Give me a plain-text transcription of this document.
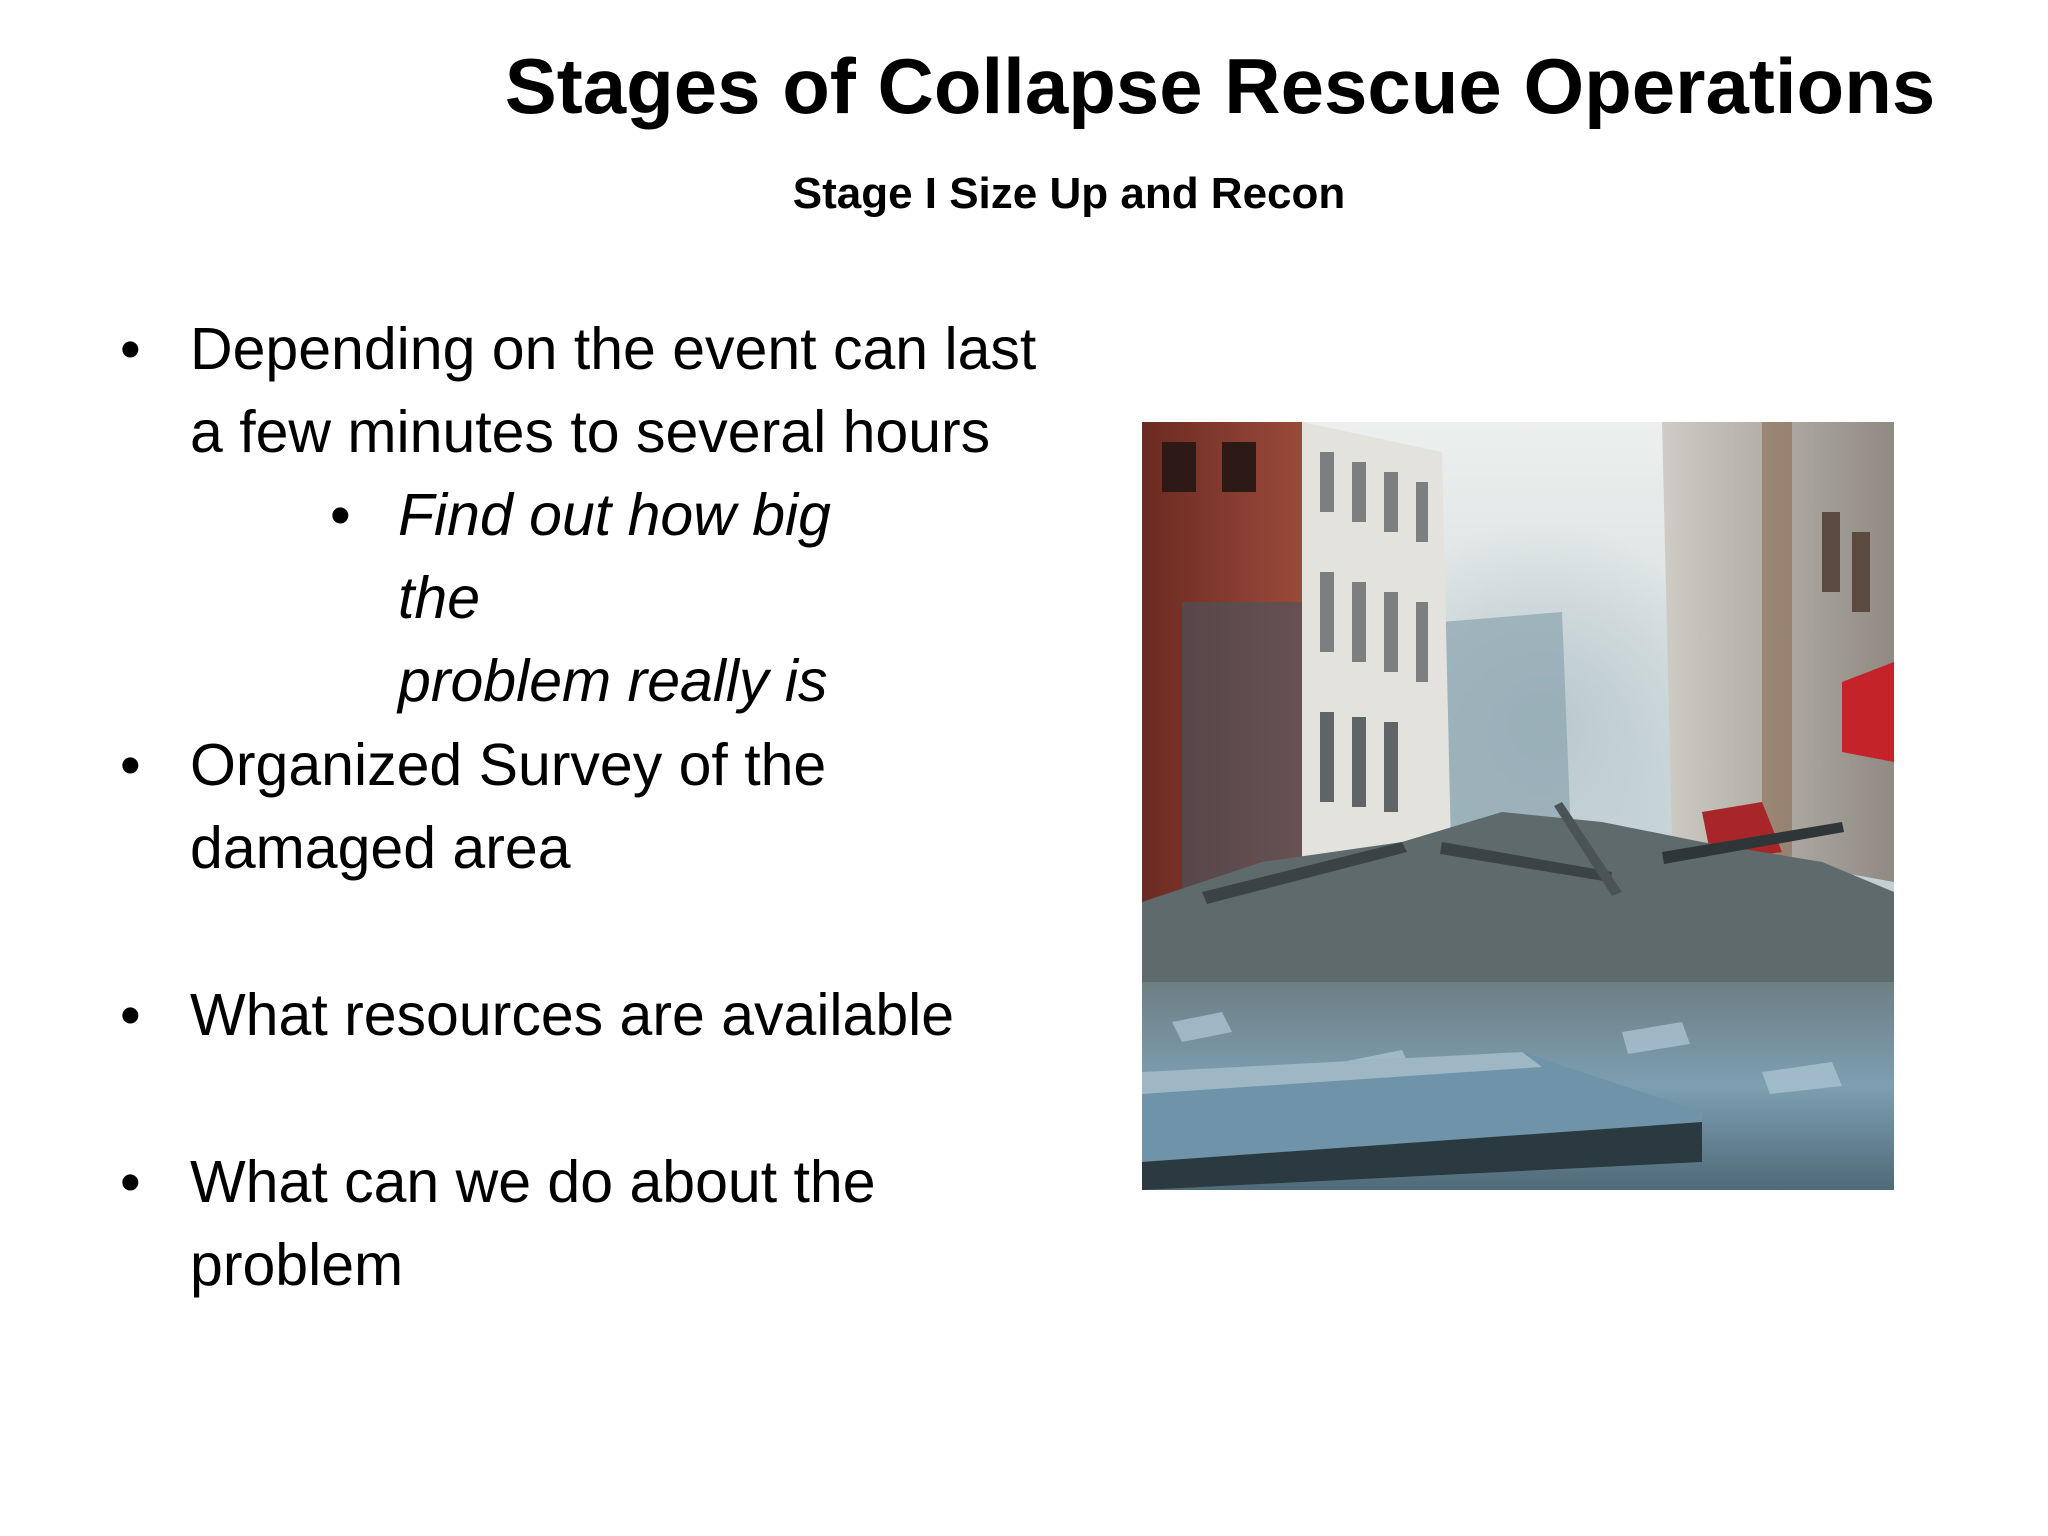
Stages of Collapse Rescue Operations
Stage I Size Up and Recon
• Depending on the event can last
a few minutes to several hours
• Find out how big the
problem really is
• Organized Survey of the
damaged area
• What resources are available
• What can we do about the
problem
